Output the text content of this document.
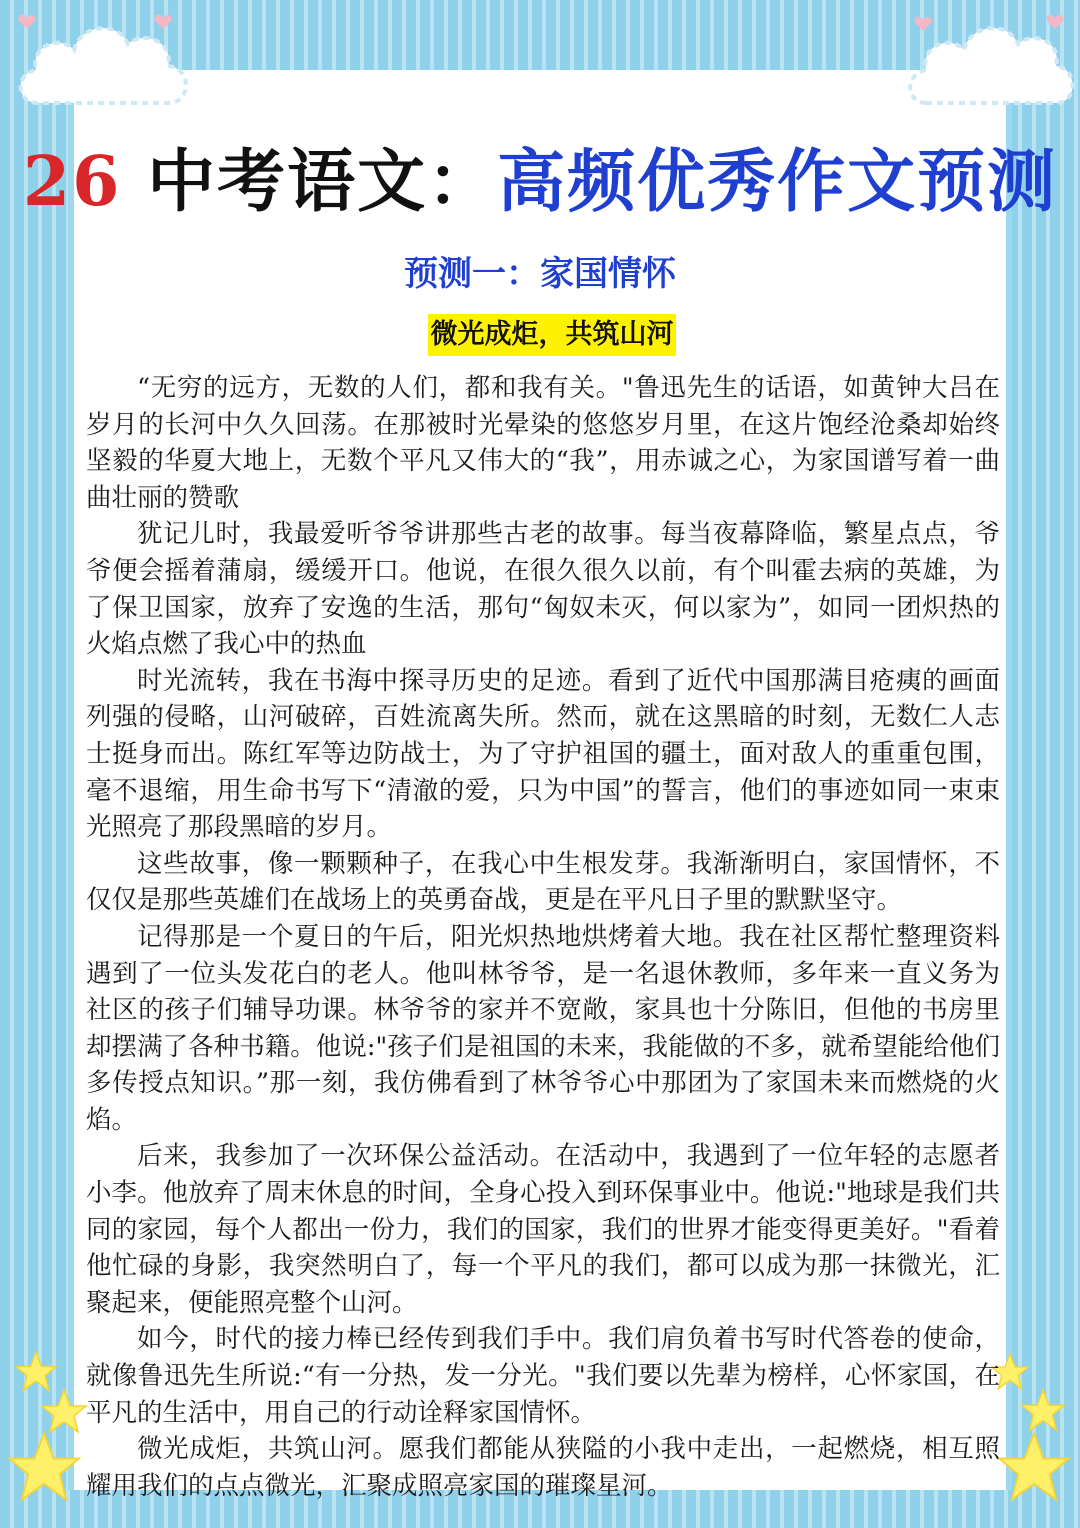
26 中考语文：高频优秀作文预测
预测一：家国情怀
微光成炬，共筑山河

“无穷的远方，无数的人们，都和我有关。"鲁迅先生的话语，如黄钟大吕在岁月的长河中久久回荡。在那被时光晕染的悠悠岁月里，在这片饱经沧桑却始终坚毅的华夏大地上，无数个平凡又伟大的“我”，用赤诚之心，为家国谱写着一曲曲壮丽的赞歌

犹记儿时，我最爱听爷爷讲那些古老的故事。每当夜幕降临，繁星点点，爷爷便会摇着蒲扇，缓缓开口。他说，在很久很久以前，有个叫霍去病的英雄，为了保卫国家，放弃了安逸的生活，那句“匈奴未灭，何以家为”，如同一团炽热的火焰点燃了我心中的热血

时光流转，我在书海中探寻历史的足迹。看到了近代中国那满目疮痍的画面列强的侵略，山河破碎，百姓流离失所。然而，就在这黑暗的时刻，无数仁人志士挺身而出。陈红军等边防战士，为了守护祖国的疆土，面对敌人的重重包围，毫不退缩，用生命书写下“清澈的爱，只为中国”的誓言，他们的事迹如同一束束光照亮了那段黑暗的岁月。

这些故事，像一颗颗种子，在我心中生根发芽。我渐渐明白，家国情怀，不仅仅是那些英雄们在战场上的英勇奋战，更是在平凡日子里的默默坚守。

记得那是一个夏日的午后，阳光炽热地烘烤着大地。我在社区帮忙整理资料遇到了一位头发花白的老人。他叫林爷爷，是一名退休教师，多年来一直义务为社区的孩子们辅导功课。林爷爷的家并不宽敞，家具也十分陈旧，但他的书房里却摆满了各种书籍。他说:"孩子们是祖国的未来，我能做的不多，就希望能给他们多传授点知识。”那一刻，我仿佛看到了林爷爷心中那团为了家国未来而燃烧的火焰。

后来，我参加了一次环保公益活动。在活动中，我遇到了一位年轻的志愿者小李。他放弃了周末休息的时间，全身心投入到环保事业中。他说:"地球是我们共同的家园，每个人都出一份力，我们的国家，我们的世界才能变得更美好。"看着他忙碌的身影，我突然明白了，每一个平凡的我们，都可以成为那一抹微光，汇聚起来，便能照亮整个山河。

如今，时代的接力棒已经传到我们手中。我们肩负着书写时代答卷的使命，就像鲁迅先生所说:“有一分热，发一分光。"我们要以先辈为榜样，心怀家国，在平凡的生活中，用自己的行动诠释家国情怀。

微光成炬，共筑山河。愿我们都能从狭隘的小我中走出，一起燃烧，相互照耀用我们的点点微光，汇聚成照亮家国的璀璨星河。
